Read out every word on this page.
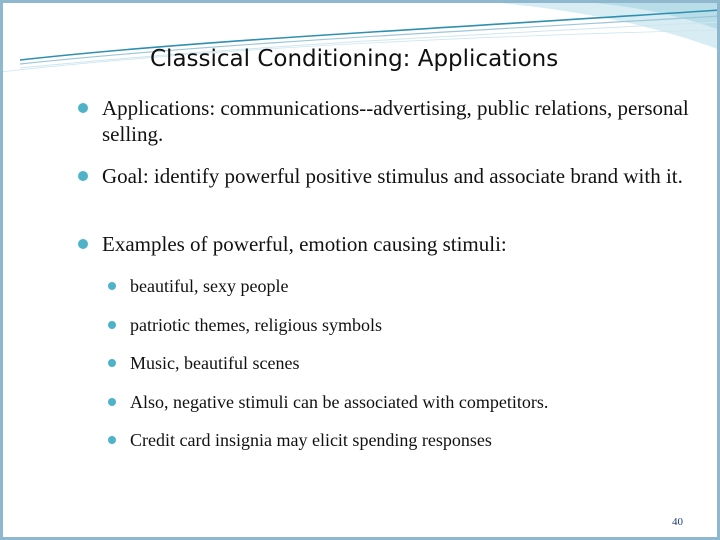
Classical Conditioning: Applications
Applications: communications--advertising, public relations, personal selling.
Goal: identify powerful positive stimulus and associate brand with it.
Examples of powerful, emotion causing stimuli:
beautiful, sexy people
patriotic themes, religious symbols
Music, beautiful scenes
Also, negative stimuli can be associated with competitors.
Credit card insignia may elicit spending responses
40
